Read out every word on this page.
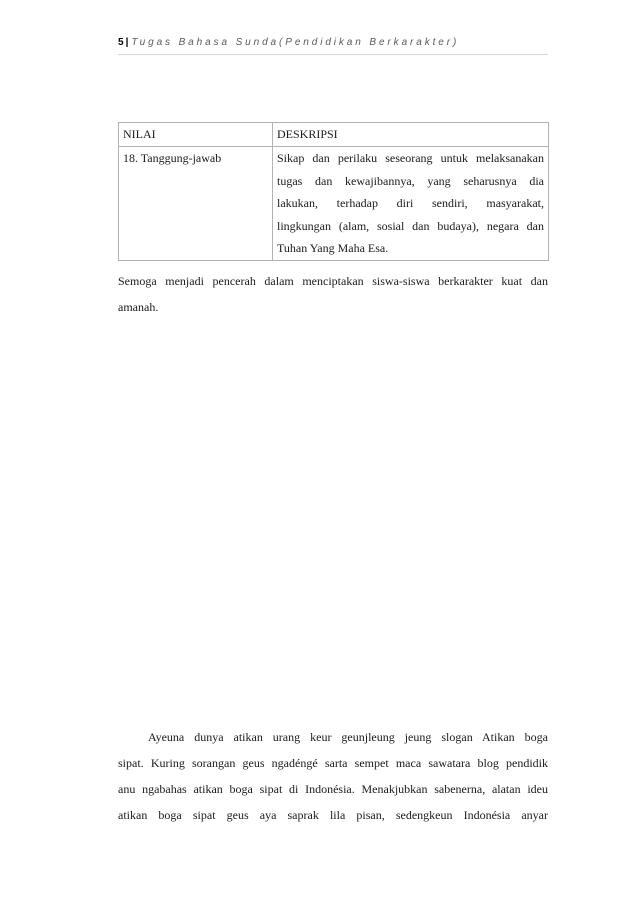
5 | Tugas Bahasa Sunda(Pendidikan Berkarakter)
NILAI	DESKRIPSI

18. Tanggung-jawab	Sikap dan perilaku seseorang untuk melaksanakan
tugas dan kewajibannya, yang seharusnya dia
lakukan, terhadap diri sendiri, masyarakat,
lingkungan (alam, sosial dan budaya), negara dan
Tuhan Yang Maha Esa.
Semoga menjadi pencerah dalam menciptakan siswa-siswa berkarakter kuat dan
amanah.
Ayeuna dunya atikan urang keur geunjleung jeung slogan Atikan boga
sipat. Kuring sorangan geus ngadéngé sarta sempet maca sawatara blog pendidik
anu ngabahas atikan boga sipat di Indonésia. Menakjubkan sabenerna, alatan ideu
atikan boga sipat geus aya saprak lila pisan, sedengkeun Indonésia anyar
